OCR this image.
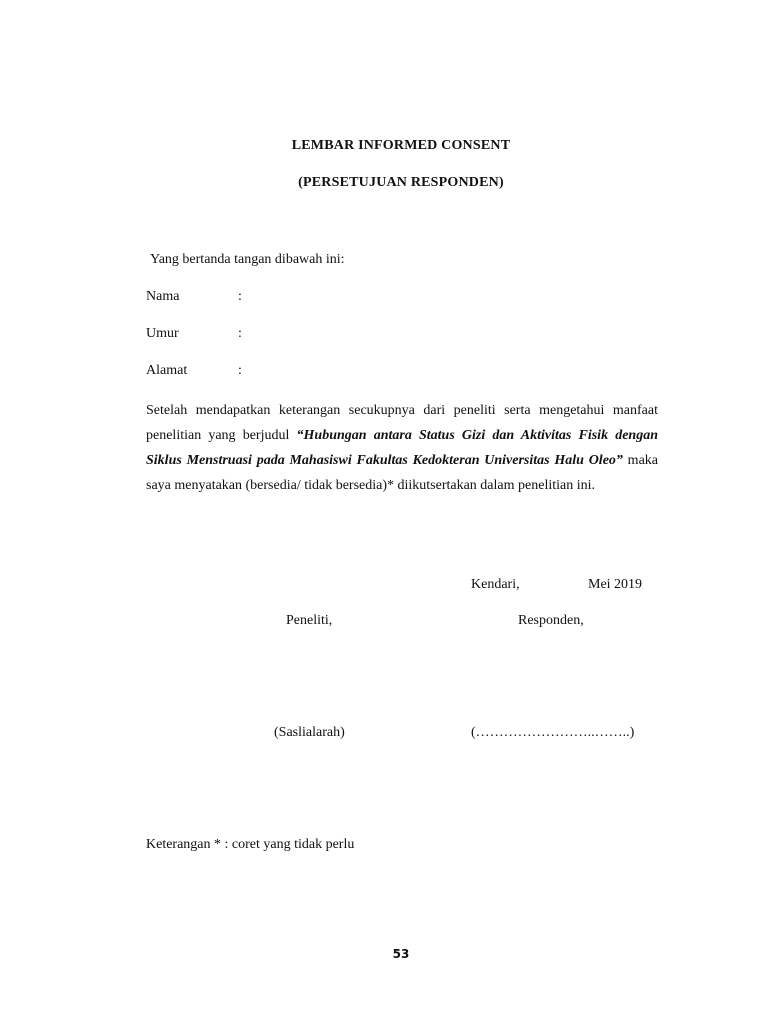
LEMBAR INFORMED CONSENT
(PERSETUJUAN RESPONDEN)
Yang bertanda tangan dibawah ini:
Nama	:
Umur	:
Alamat	:
Setelah mendapatkan keterangan secukupnya dari peneliti serta mengetahui manfaat penelitian yang berjudul “Hubungan antara Status Gizi dan Aktivitas Fisik dengan Siklus Menstruasi pada Mahasiswi Fakultas Kedokteran Universitas Halu Oleo” maka saya menyatakan (bersedia/ tidak bersedia)* diikutsertakan dalam penelitian ini.
Kendari,	Mei 2019
Peneliti,	Responden,
(Saslialarah)	(……………………..……..)
Keterangan * : coret yang tidak perlu
53
